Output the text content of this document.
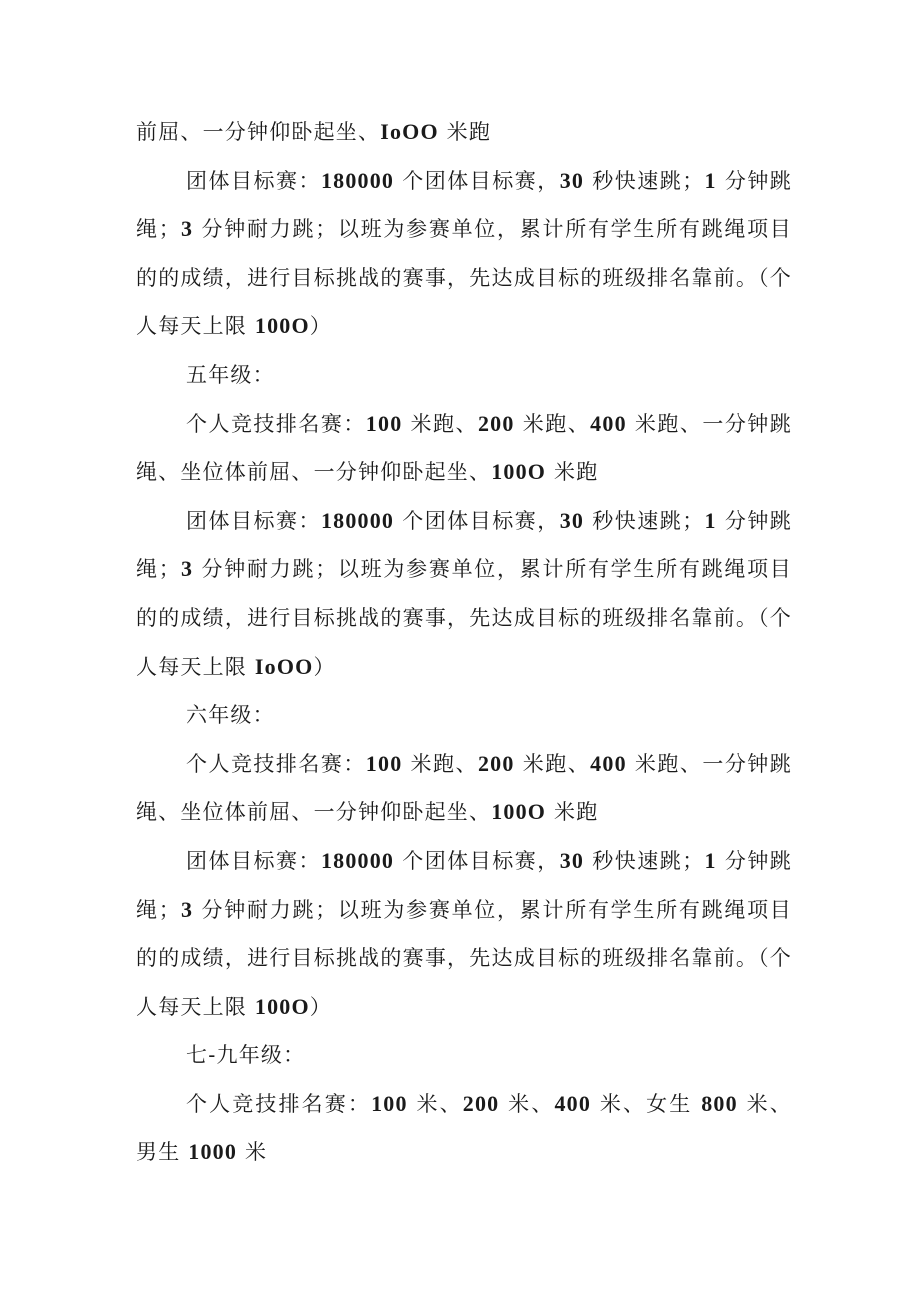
前屈、一分钟仰卧起坐、IoOO 米跑

团体目标赛：180000 个团体目标赛，30 秒快速跳；1 分钟跳绳；3 分钟耐力跳；以班为参赛单位，累计所有学生所有跳绳项目的的成绩，进行目标挑战的赛事，先达成目标的班级排名靠前。（个人每天上限 100O）

五年级：

个人竞技排名赛：100 米跑、200 米跑、400 米跑、一分钟跳绳、坐位体前屈、一分钟仰卧起坐、100O 米跑

团体目标赛：180000 个团体目标赛，30 秒快速跳；1 分钟跳绳；3 分钟耐力跳；以班为参赛单位，累计所有学生所有跳绳项目的的成绩，进行目标挑战的赛事，先达成目标的班级排名靠前。（个人每天上限 IoOO）

六年级：

个人竞技排名赛：100 米跑、200 米跑、400 米跑、一分钟跳绳、坐位体前屈、一分钟仰卧起坐、100O 米跑

团体目标赛：180000 个团体目标赛，30 秒快速跳；1 分钟跳绳；3 分钟耐力跳；以班为参赛单位，累计所有学生所有跳绳项目的的成绩，进行目标挑战的赛事，先达成目标的班级排名靠前。（个人每天上限 100O）

七-九年级：

个人竞技排名赛：100 米、200 米、400 米、女生 800 米、男生 1000 米
